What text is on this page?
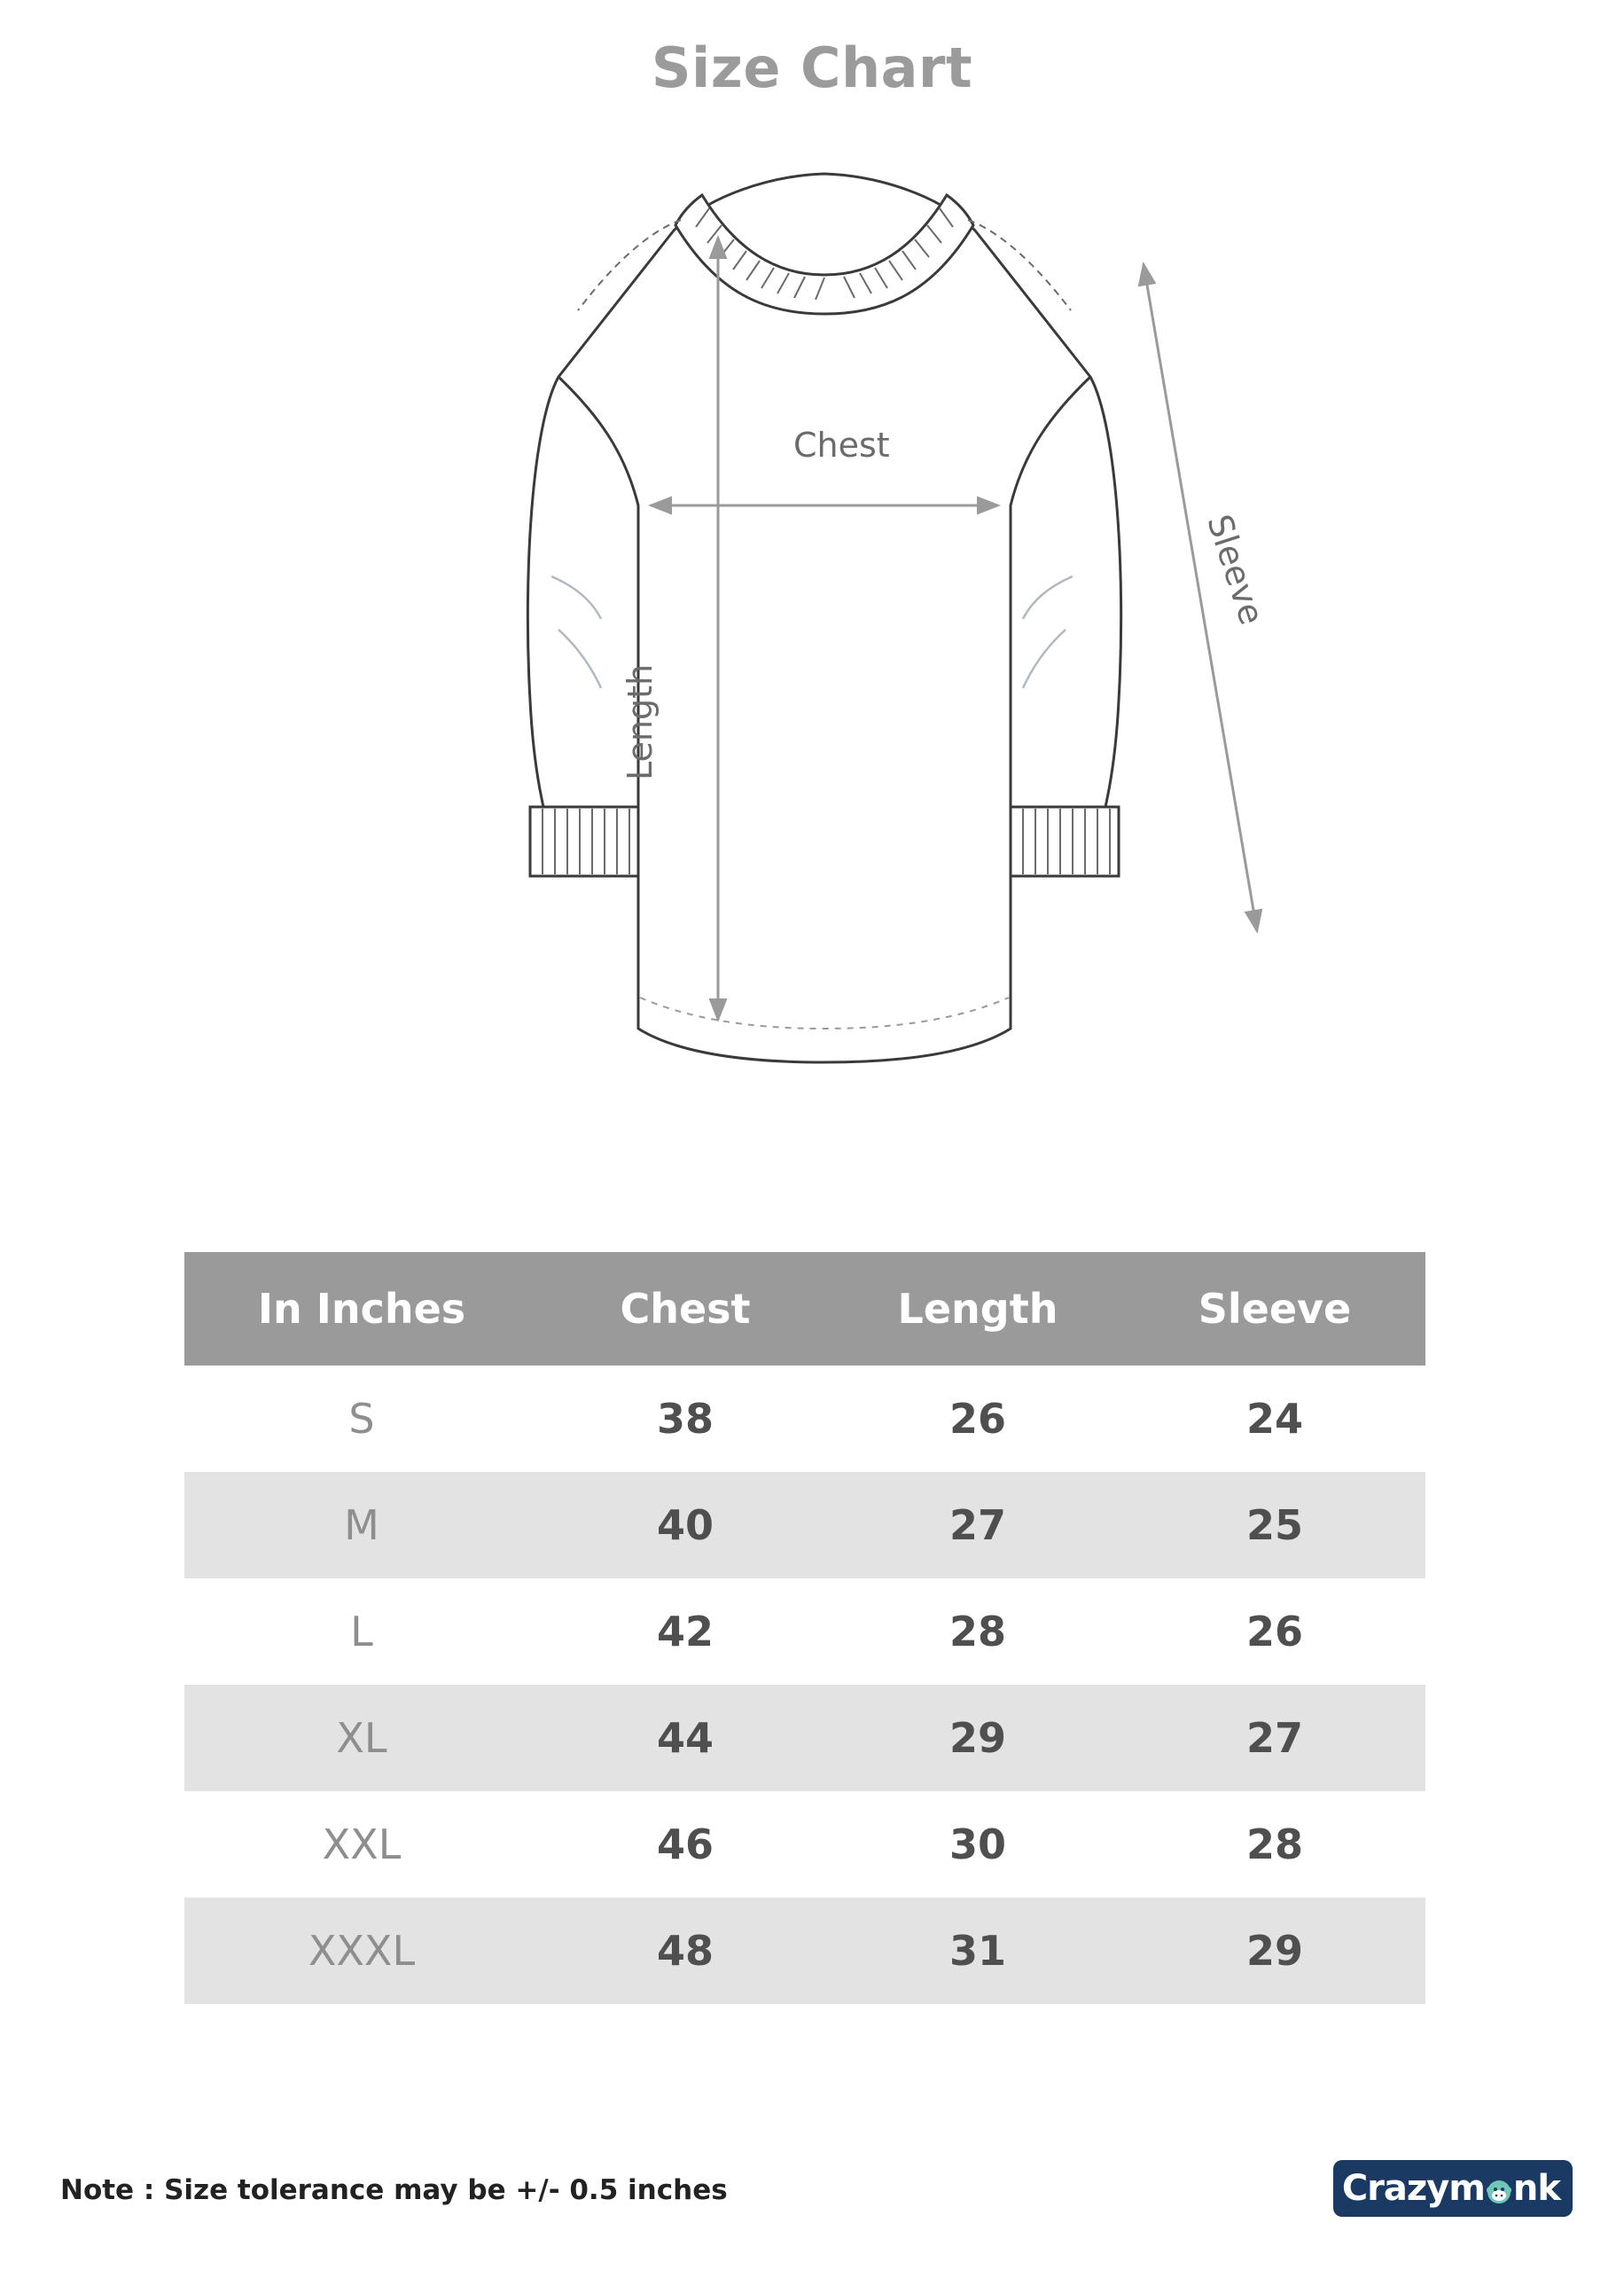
Size Chart
Chest
Length
Sleeve
In Inches	Chest	Length	Sleeve
S	38	26	24
M	40	27	25
L	42	28	26
XL	44	29	27
XXL	46	30	28
XXXL	48	31	29
Note : Size tolerance may be +/- 0.5 inches	Crazym nk
